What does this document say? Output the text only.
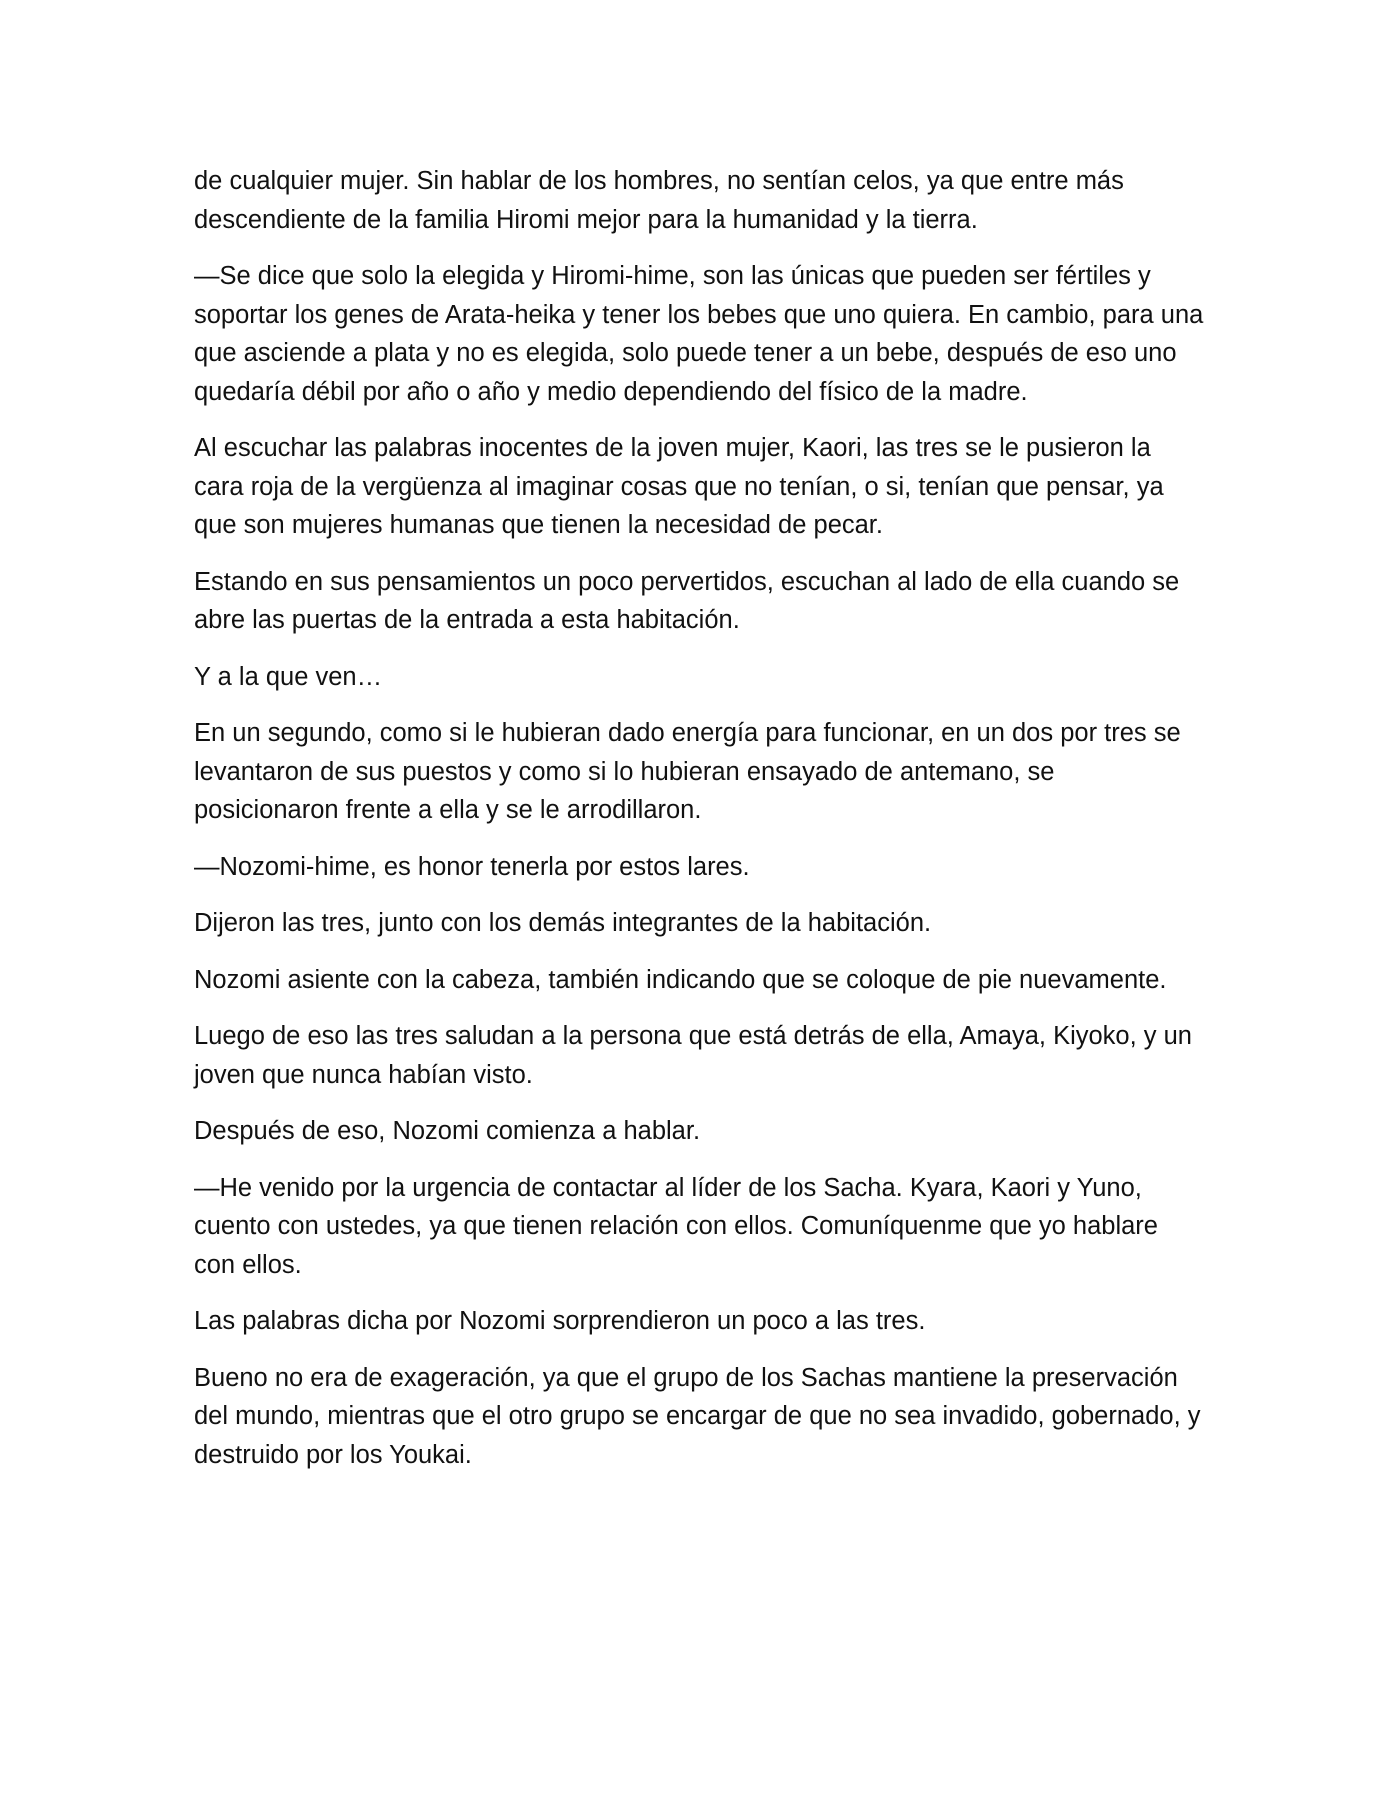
de cualquier mujer. Sin hablar de los hombres, no sentían celos, ya que entre más descendiente de la familia Hiromi mejor para la humanidad y la tierra.

—Se dice que solo la elegida y Hiromi-hime, son las únicas que pueden ser fértiles y soportar los genes de Arata-heika y tener los bebes que uno quiera. En cambio, para una que asciende a plata y no es elegida, solo puede tener a un bebe, después de eso uno quedaría débil por año o año y medio dependiendo del físico de la madre.

Al escuchar las palabras inocentes de la joven mujer, Kaori, las tres se le pusieron la cara roja de la vergüenza al imaginar cosas que no tenían, o si, tenían que pensar, ya que son mujeres humanas que tienen la necesidad de pecar.

Estando en sus pensamientos un poco pervertidos, escuchan al lado de ella cuando se abre las puertas de la entrada a esta habitación.

Y a la que ven…

En un segundo, como si le hubieran dado energía para funcionar, en un dos por tres se levantaron de sus puestos y como si lo hubieran ensayado de antemano, se posicionaron frente a ella y se le arrodillaron.

—Nozomi-hime, es honor tenerla por estos lares.

Dijeron las tres, junto con los demás integrantes de la habitación.

Nozomi asiente con la cabeza, también indicando que se coloque de pie nuevamente.

Luego de eso las tres saludan a la persona que está detrás de ella, Amaya, Kiyoko, y un joven que nunca habían visto.

Después de eso, Nozomi comienza a hablar.

—He venido por la urgencia de contactar al líder de los Sacha. Kyara, Kaori y Yuno, cuento con ustedes, ya que tienen relación con ellos. Comuníquenme que yo hablare con ellos.

Las palabras dicha por Nozomi sorprendieron un poco a las tres.

Bueno no era de exageración, ya que el grupo de los Sachas mantiene la preservación del mundo, mientras que el otro grupo se encargar de que no sea invadido, gobernado, y destruido por los Youkai.
